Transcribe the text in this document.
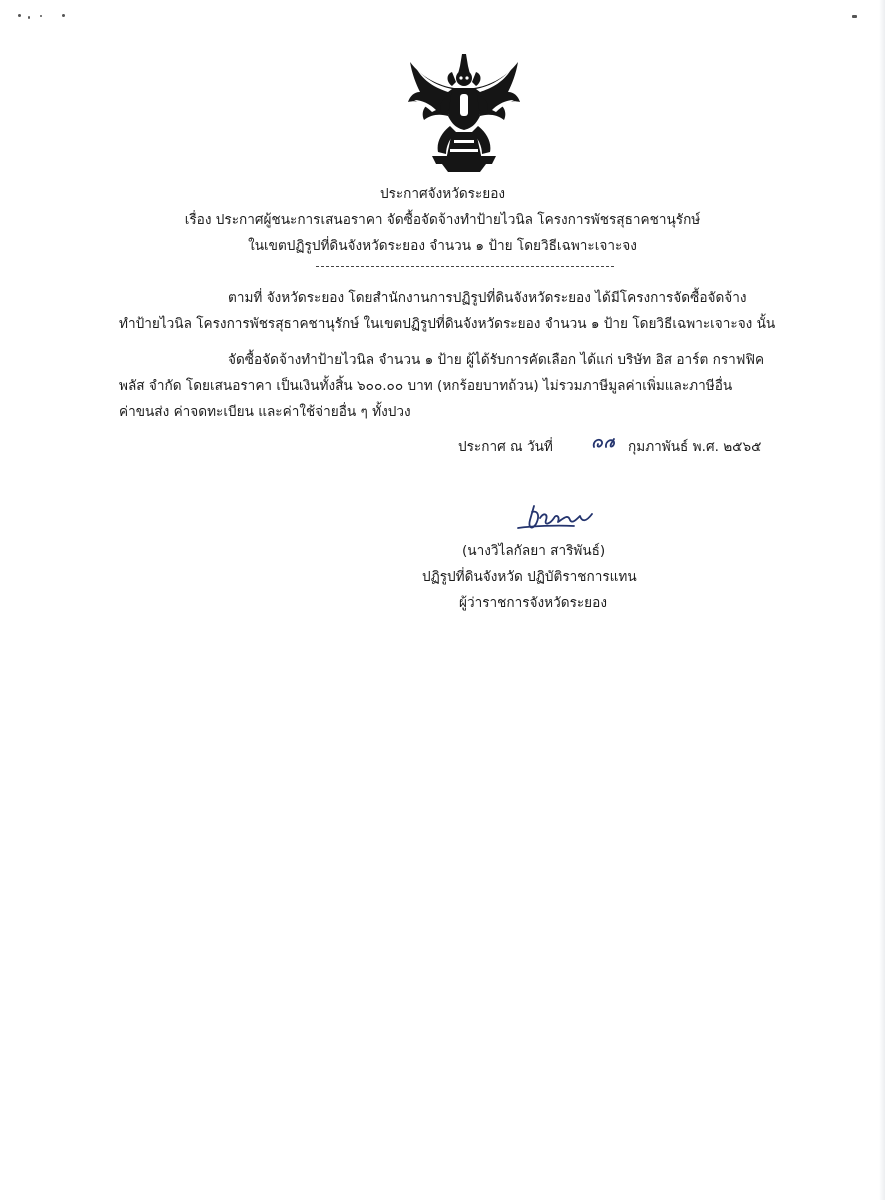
ประกาศจังหวัดระยอง
เรื่อง ประกาศผู้ชนะการเสนอราคา จัดซื้อจัดจ้างทำป้ายไวนิล โครงการพัชรสุธาคชานุรักษ์
ในเขตปฏิรูปที่ดินจังหวัดระยอง จำนวน ๑ ป้าย โดยวิธีเฉพาะเจาะจง
ตามที่ จังหวัดระยอง โดยสำนักงานการปฏิรูปที่ดินจังหวัดระยอง ได้มีโครงการจัดซื้อจัดจ้าง
ทำป้ายไวนิล โครงการพัชรสุธาคชานุรักษ์ ในเขตปฏิรูปที่ดินจังหวัดระยอง จำนวน ๑ ป้าย โดยวิธีเฉพาะเจาะจง นั้น
จัดซื้อจัดจ้างทำป้ายไวนิล จำนวน ๑ ป้าย ผู้ได้รับการคัดเลือก ได้แก่ บริษัท อิส อาร์ต กราฟฟิค
พลัส จำกัด โดยเสนอราคา เป็นเงินทั้งสิ้น ๖๐๐.๐๐ บาท (หกร้อยบาทถ้วน) ไม่รวมภาษีมูลค่าเพิ่มและภาษีอื่น
ค่าขนส่ง ค่าจดทะเบียน และค่าใช้จ่ายอื่น ๆ ทั้งปวง
ประกาศ ณ วันที่	กุมภาพันธ์ พ.ศ. ๒๕๖๕
(นางวิไลกัลยา สาริพันธ์)
ปฏิรูปที่ดินจังหวัด ปฏิบัติราชการแทน
ผู้ว่าราชการจังหวัดระยอง
